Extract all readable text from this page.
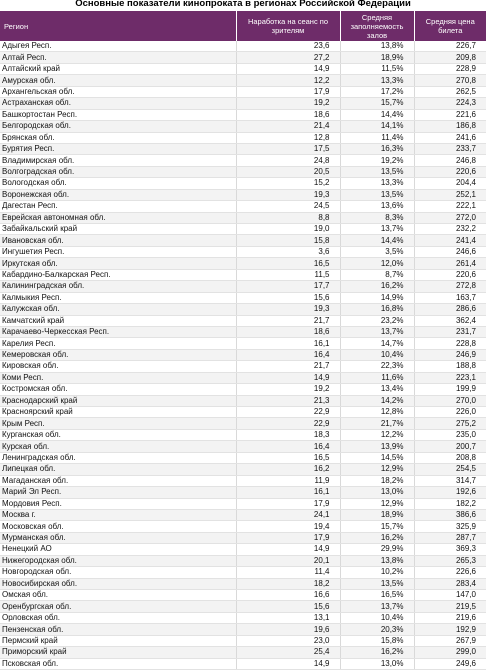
Основные показатели кинопроката в регионах Российской Федерации
Регион	Наработка на сеанс по зрителям	Средняя заполняемость залов	Средняя цена билета
Адыгея Респ.	23,6	13,8%	226,7
Алтай Респ.	27,2	18,9%	209,8
Алтайский край	14,9	11,5%	228,9
Амурская обл.	12,2	13,3%	270,8
Архангельская обл.	17,9	17,2%	262,5
Астраханская обл.	19,2	15,7%	224,3
Башкортостан Респ.	18,6	14,4%	221,6
Белгородская обл.	21,4	14,1%	186,8
Брянская обл.	12,8	11,4%	241,6
Бурятия Респ.	17,5	16,3%	233,7
Владимирская обл.	24,8	19,2%	246,8
Волгоградская обл.	20,5	13,5%	220,6
Вологодская обл.	15,2	13,3%	204,4
Воронежская обл.	19,3	13,5%	252,1
Дагестан Респ.	24,5	13,6%	222,1
Еврейская автономная обл.	8,8	8,3%	272,0
Забайкальский край	19,0	13,7%	232,2
Ивановская обл.	15,8	14,4%	241,4
Ингушетия Респ.	3,6	3,5%	246,6
Иркутская обл.	16,5	12,0%	261,4
Кабардино-Балкарская Респ.	11,5	8,7%	220,6
Калининградская обл.	17,7	16,2%	272,8
Калмыкия Респ.	15,6	14,9%	163,7
Калужская обл.	19,3	16,8%	286,6
Камчатский край	21,7	23,2%	362,4
Карачаево-Черкесская Респ.	18,6	13,7%	231,7
Карелия Респ.	16,1	14,7%	228,8
Кемеровская обл.	16,4	10,4%	246,9
Кировская обл.	21,7	22,3%	188,8
Коми Респ.	14,9	11,6%	223,1
Костромская обл.	19,2	13,4%	199,9
Краснодарский край	21,3	14,2%	270,0
Красноярский край	22,9	12,8%	226,0
Крым Респ.	22,9	21,7%	275,2
Курганская обл.	18,3	12,2%	235,0
Курская обл.	16,4	13,9%	200,7
Ленинградская обл.	16,5	14,5%	208,8
Липецкая обл.	16,2	12,9%	254,5
Магаданская обл.	11,9	18,2%	314,7
Марий Эл Респ.	16,1	13,0%	192,6
Мордовия Респ.	17,9	12,9%	182,2
Москва г.	24,1	18,9%	386,6
Московская обл.	19,4	15,7%	325,9
Мурманская обл.	17,9	16,2%	287,7
Ненецкий АО	14,9	29,9%	369,3
Нижегородская обл.	20,1	13,8%	265,3
Новгородская обл.	11,4	10,2%	226,6
Новосибирская обл.	18,2	13,5%	283,4
Омская обл.	16,6	16,5%	147,0
Оренбургская обл.	15,6	13,7%	219,5
Орловская обл.	13,1	10,4%	219,6
Пензенская обл.	19,6	20,3%	192,9
Пермский край	23,0	15,8%	267,9
Приморский край	25,4	16,2%	299,0
Псковская обл.	14,9	13,0%	249,6
